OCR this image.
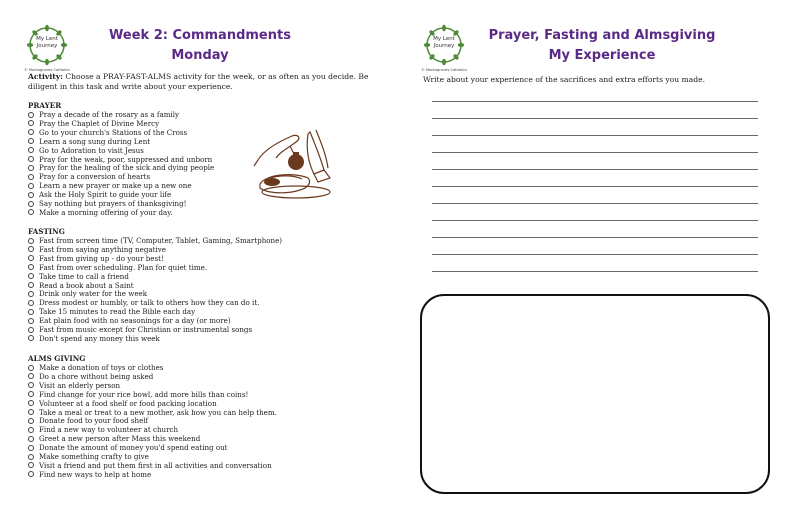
My Lent
Journey
© Montagnards Catholics
Week 2: Commandments
Monday
Activity: Choose a PRAY-FAST-ALMS activity for the week, or as often as you decide. Be diligent in this task and write about your experience.
PRAYER
Pray a decade of the rosary as a family
Pray the Chaplet of Divine Mercy
Go to your church's Stations of the Cross
Learn a song sung during Lent
Go to Adoration to visit Jesus
Pray for the weak, poor, suppressed and unborn
Pray for the healing of the sick and dying people
Pray for a conversion of hearts
Learn a new prayer or make up a new one
Ask the Holy Spirit to guide your life
Say nothing but prayers of thanksgiving!
Make a morning offering of your day.
FASTING
Fast from screen time (TV, Computer, Tablet, Gaming, Smartphone)
Fast from saying anything negative
Fast from giving up - do your best!
Fast from over scheduling. Plan for quiet time.
Take time to call a friend
Read a book about a Saint
Drink only water for the week
Dress modest or humbly, or talk to others how they can do it.
Take 15 minutes to read the Bible each day
Eat plain food with no seasonings for a day (or more)
Fast from music except for Christian or instrumental songs
Don't spend any money this week
ALMS GIVING
Make a donation of toys or clothes
Do a chore without being asked
Visit an elderly person
Find change for your rice bowl, add more bills than coins!
Volunteer at a food shelf or food packing location
Take a meal or treat to a new mother, ask how you can help them.
Donate food to your food shelf
Find a new way to volunteer at church
Greet a new person after Mass this weekend
Donate the amount of money you'd spend eating out
Make something crafty to give
Visit a friend and put them first in all activities and conversation
Find new ways to help at home
My Lent
Journey
© Montagnards Catholics
Prayer, Fasting and Almsgiving
My Experience
Write about your experience of the sacrifices and extra efforts you made.
